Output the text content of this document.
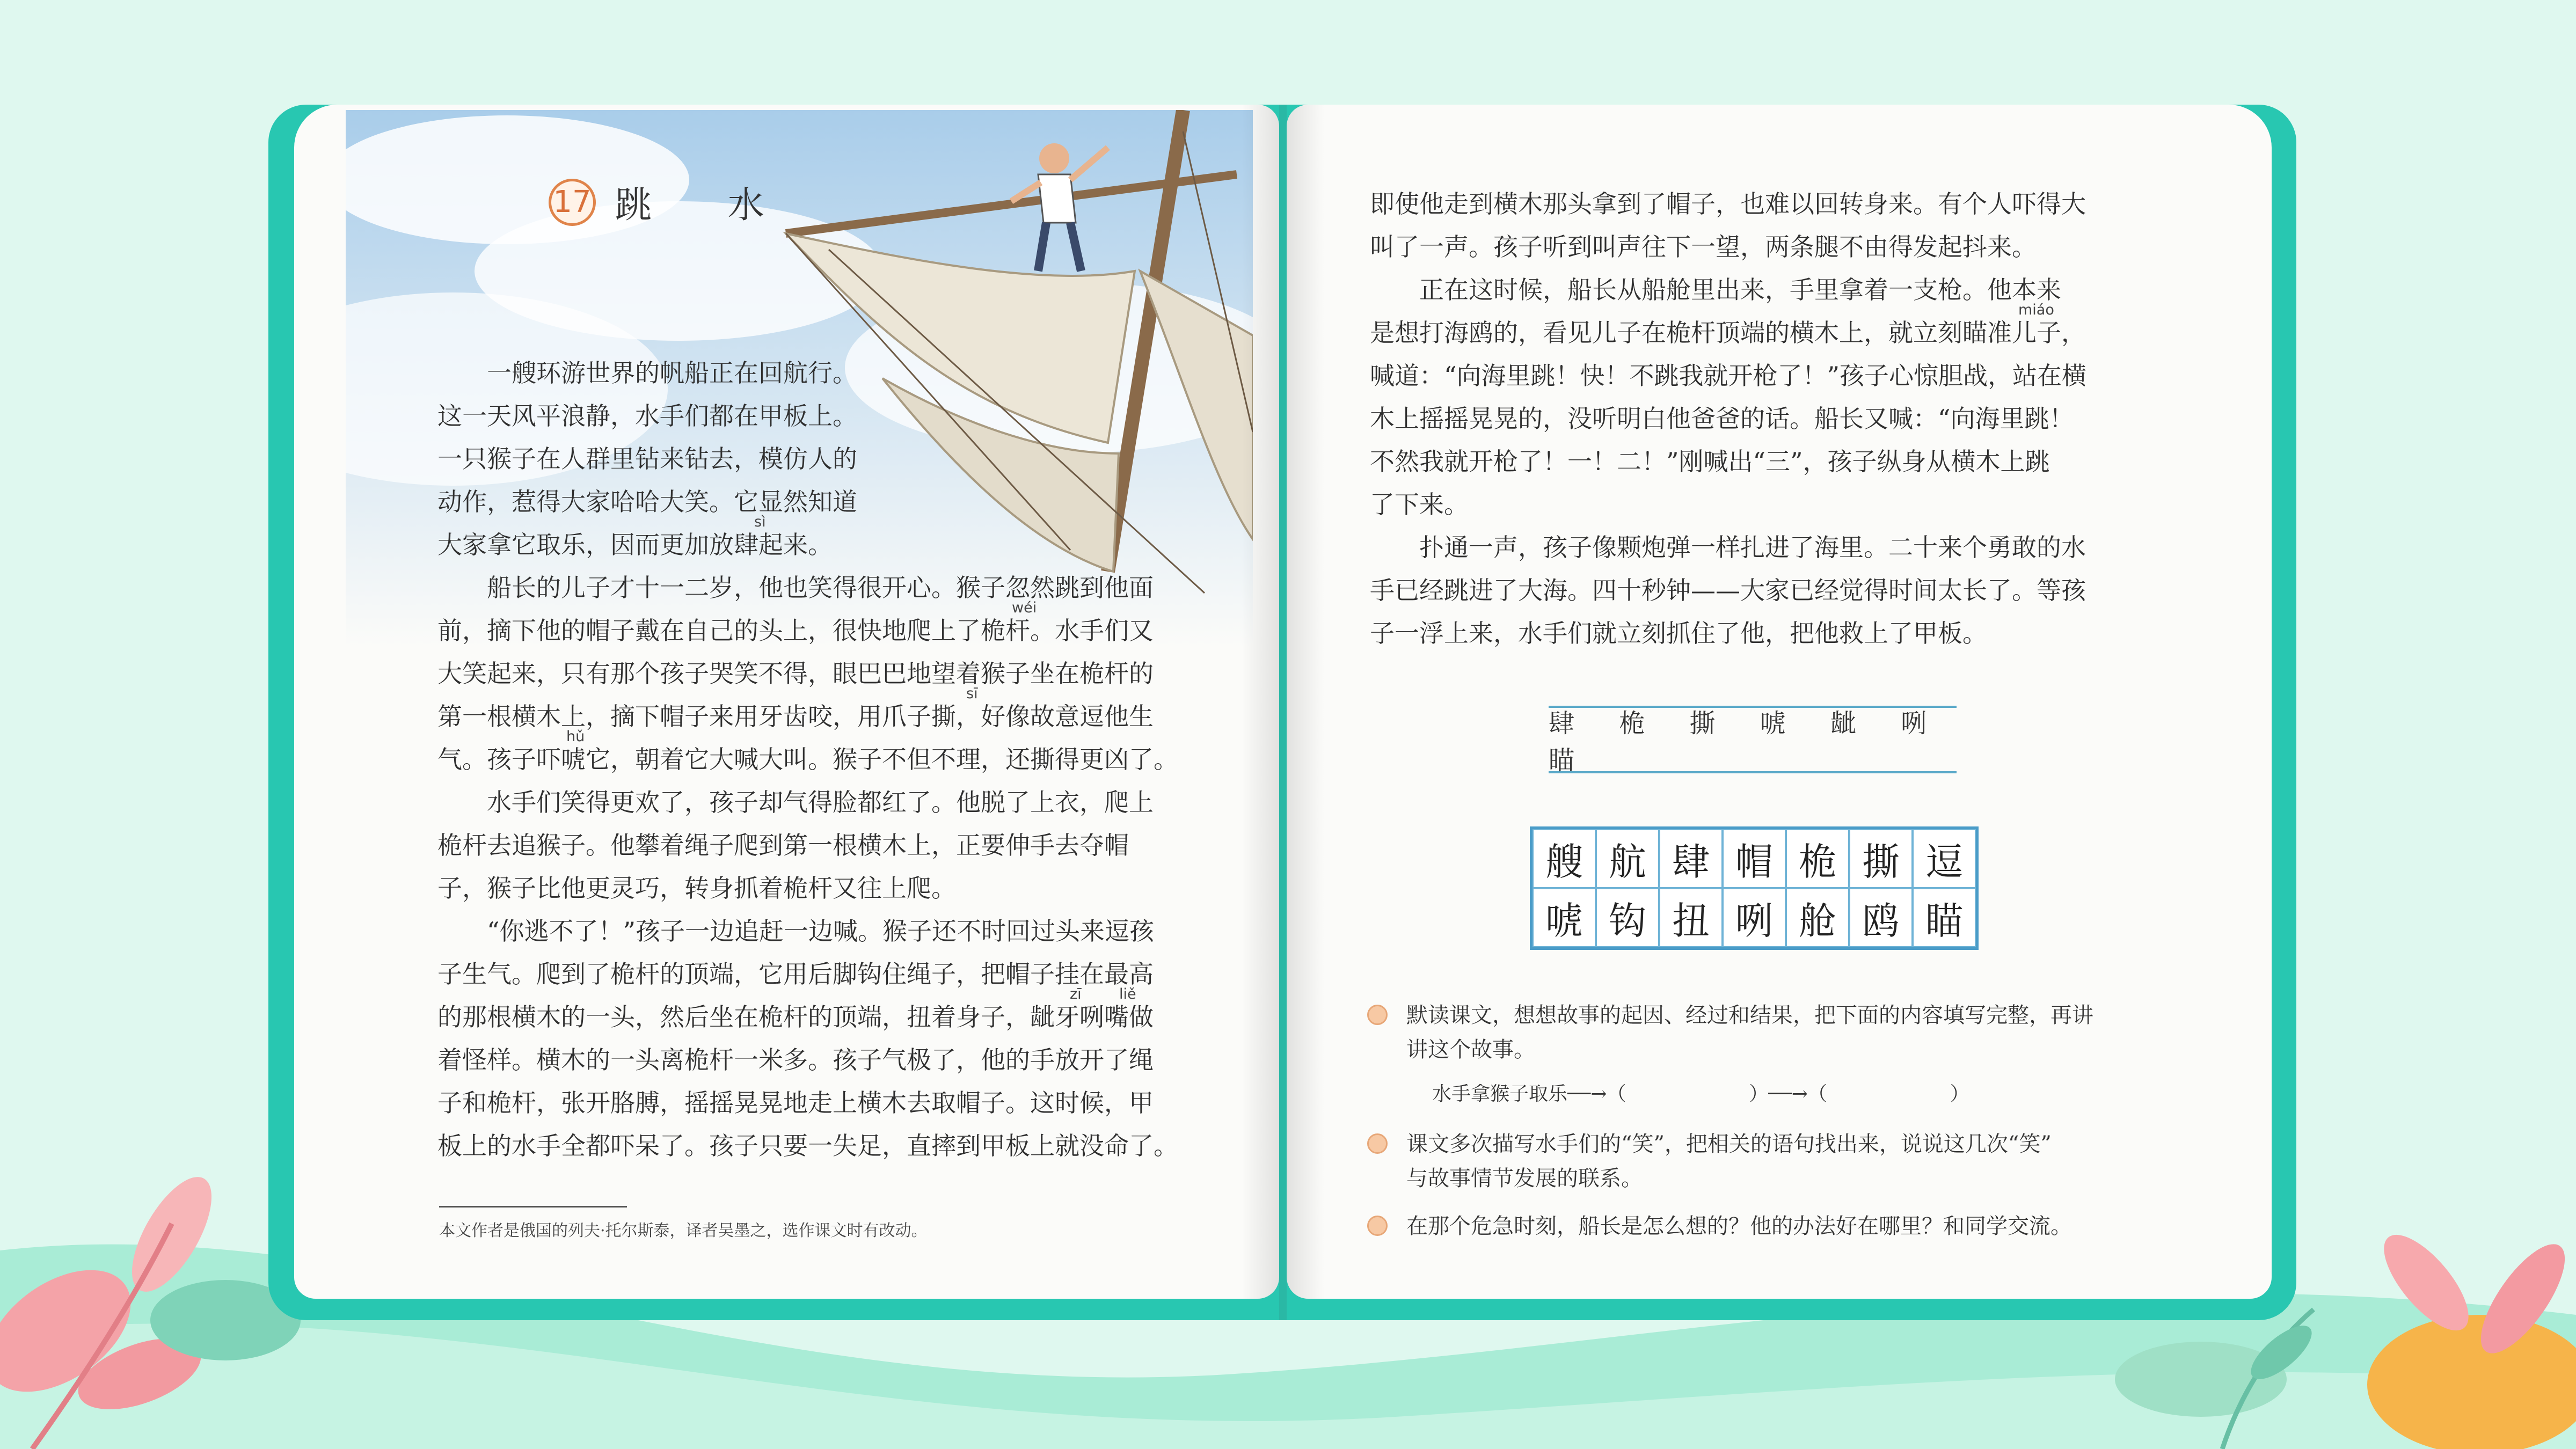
17 跳 水

一艘环游世界的帆船正在回航行。

这一天风平浪静，水手们都在甲板上。

一只猴子在人群里钻来钻去，模仿人的

动作，惹得大家哈哈大笑。它显然知道

大家拿它取乐，因而更加放肆起来。

船长的儿子才十一二岁，他也笑得很开心。猴子忽然跳到他面

前，摘下他的帽子戴在自己的头上，很快地爬上了桅杆。水手们又

大笑起来，只有那个孩子哭笑不得，眼巴巴地望着猴子坐在桅杆的

第一根横木上，摘下帽子来用牙齿咬，用爪子撕，好像故意逗他生

气。孩子吓唬它，朝着它大喊大叫。猴子不但不理，还撕得更凶了。

水手们笑得更欢了，孩子却气得脸都红了。他脱了上衣，爬上

桅杆去追猴子。他攀着绳子爬到第一根横木上，正要伸手去夺帽

子，猴子比他更灵巧，转身抓着桅杆又往上爬。

“你逃不了！”孩子一边追赶一边喊。猴子还不时回过头来逗孩

子生气。爬到了桅杆的顶端，它用后脚钩住绳子，把帽子挂在最高

的那根横木的一头，然后坐在桅杆的顶端，扭着身子，龇牙咧嘴做

着怪样。横木的一头离桅杆一米多。孩子气极了，他的手放开了绳

子和桅杆，张开胳膊，摇摇晃晃地走上横木去取帽子。这时候，甲

板上的水手全都吓呆了。孩子只要一失足，直摔到甲板上就没命了。

sì
wéi
sī
hǔ
zī	liě
本文作者是俄国的列夫·托尔斯泰，译者吴墨之，选作课文时有改动。

即使他走到横木那头拿到了帽子，也难以回转身来。有个人吓得大

叫了一声。孩子听到叫声往下一望，两条腿不由得发起抖来。

正在这时候，船长从船舱里出来，手里拿着一支枪。他本来

是想打海鸥的，看见儿子在桅杆顶端的横木上，就立刻瞄准儿子，

喊道：“向海里跳！快！不跳我就开枪了！”孩子心惊胆战，站在横

木上摇摇晃晃的，没听明白他爸爸的话。船长又喊：“向海里跳！

不然我就开枪了！一！二！”刚喊出“三”，孩子纵身从横木上跳

了下来。

扑通一声，孩子像颗炮弹一样扎进了海里。二十来个勇敢的水

手已经跳进了大海。四十秒钟——大家已经觉得时间太长了。等孩

子一浮上来，水手们就立刻抓住了他，把他救上了甲板。

miáo
肆 桅 撕 唬 龇 咧 瞄
艘 航 肆 帽 桅 撕 逗
唬 钩 扭 咧 舱 鸥 瞄
默读课文，想想故事的起因、经过和结果，把下面的内容填写完整，再讲
讲这个故事。
水手拿猴子取乐──→（                    ）──→（                    ）
课文多次描写水手们的“笑”，把相关的语句找出来，说说这几次“笑”
与故事情节发展的联系。
在那个危急时刻，船长是怎么想的？他的办法好在哪里？和同学交流。
